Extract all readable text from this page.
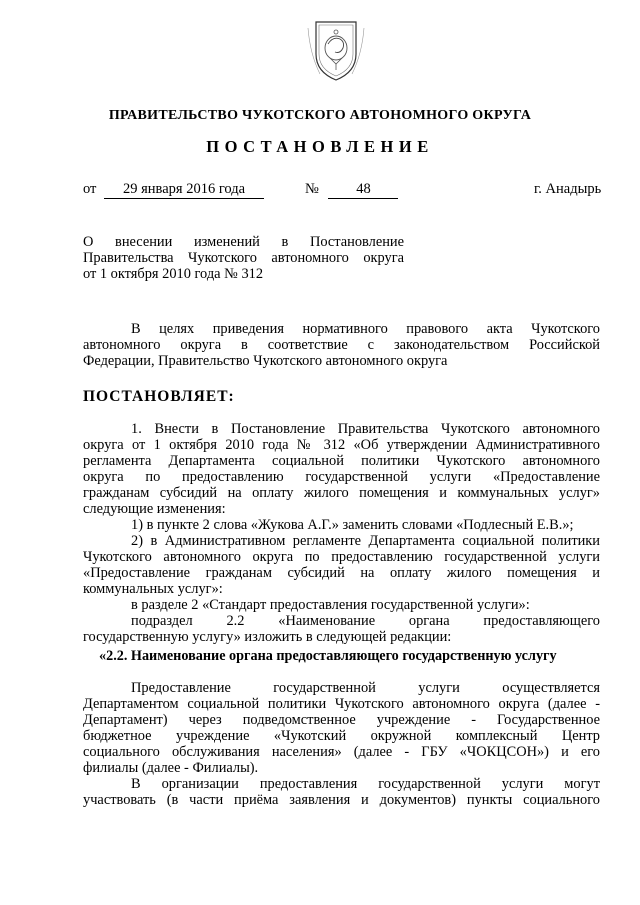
ПРАВИТЕЛЬСТВО ЧУКОТСКОГО АВТОНОМНОГО ОКРУГА
ПОСТАНОВЛЕНИЕ
от 29 января 2016 года	№	48	г. Анадырь
О внесении изменений в Постановление
Правительства Чукотского автономного округа
от 1 октября 2010 года № 312
В целях приведения нормативного правового акта Чукотского
автономного округа в соответствие с законодательством Российской
Федерации, Правительство Чукотского автономного округа
ПОСТАНОВЛЯЕТ:
1. Внести в Постановление Правительства Чукотского автономного
округа от 1 октября 2010 года № 312 «Об утверждении Административного
регламента Департамента социальной политики Чукотского автономного
округа по предоставлению государственной услуги «Предоставление
гражданам субсидий на оплату жилого помещения и коммунальных услуг»
следующие изменения:
1) в пункте 2 слова «Жукова А.Г.» заменить словами «Подлесный Е.В.»;
2) в Административном регламенте Департамента социальной политики
Чукотского автономного округа по предоставлению государственной услуги
«Предоставление гражданам субсидий на оплату жилого помещения и
коммунальных услуг»:
в разделе 2 «Стандарт предоставления государственной услуги»:
подраздел 2.2 «Наименование органа предоставляющего
государственную услугу» изложить в следующей редакции:
«2.2. Наименование органа предоставляющего государственную услугу
Предоставление государственной услуги осуществляется
Департаментом социальной политики Чукотского автономного округа (далее -
Департамент) через подведомственное учреждение - Государственное
бюджетное учреждение «Чукотский окружной комплексный Центр
социального обслуживания населения» (далее - ГБУ «ЧОКЦСОН») и его
филиалы (далее - Филиалы).
В организации предоставления государственной услуги могут
участвовать (в части приёма заявления и документов) пункты социального
